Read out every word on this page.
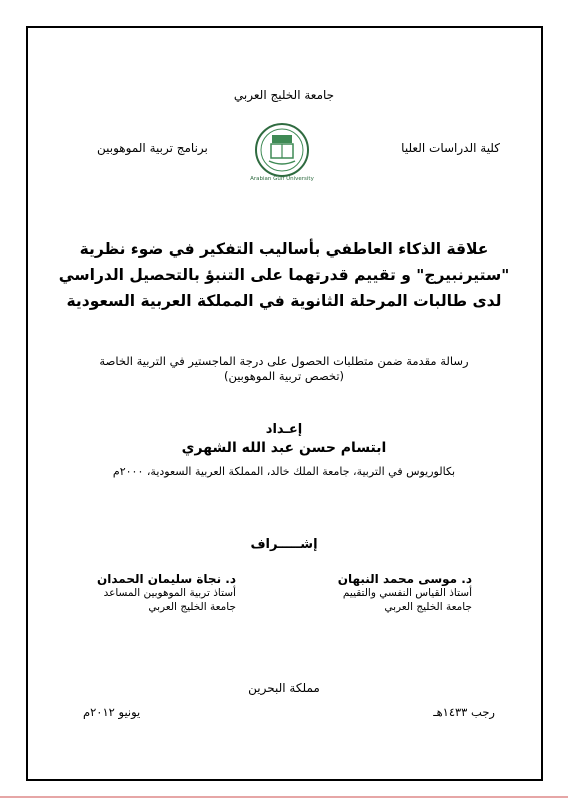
جامعة الخليج العربي
كلية الدراسات العليا
برنامج تربية الموهوبين
Arabian Gulf University
علاقة الذكاء العاطفي بأساليب التفكير في ضوء نظرية
"ستيرنبيرج" و تقييم قدرتهما على التنبؤ بالتحصيل الدراسي
لدى طالبات المرحلة الثانوية في المملكة العربية السعودية
رسالة مقدمة ضمن متطلبات الحصول على درجة الماجستير في التربية الخاصة
(تخصص تربية الموهوبين)
إعـداد
ابتسام حسن عبد الله الشهري
بكالوريوس في التربية، جامعة الملك خالد، المملكة العربية السعودية، ٢٠٠٠م
إشـــــراف
د. موسى محمد النبهان
أستاذ القياس النفسي والتقييم
جامعة الخليج العربي
د. نجاة سليمان الحمدان
أستاذ تربية الموهوبين المساعد
جامعة الخليج العربي
مملكة البحرين
رجب ١٤٣٣هـ
يونيو ٢٠١٢م
